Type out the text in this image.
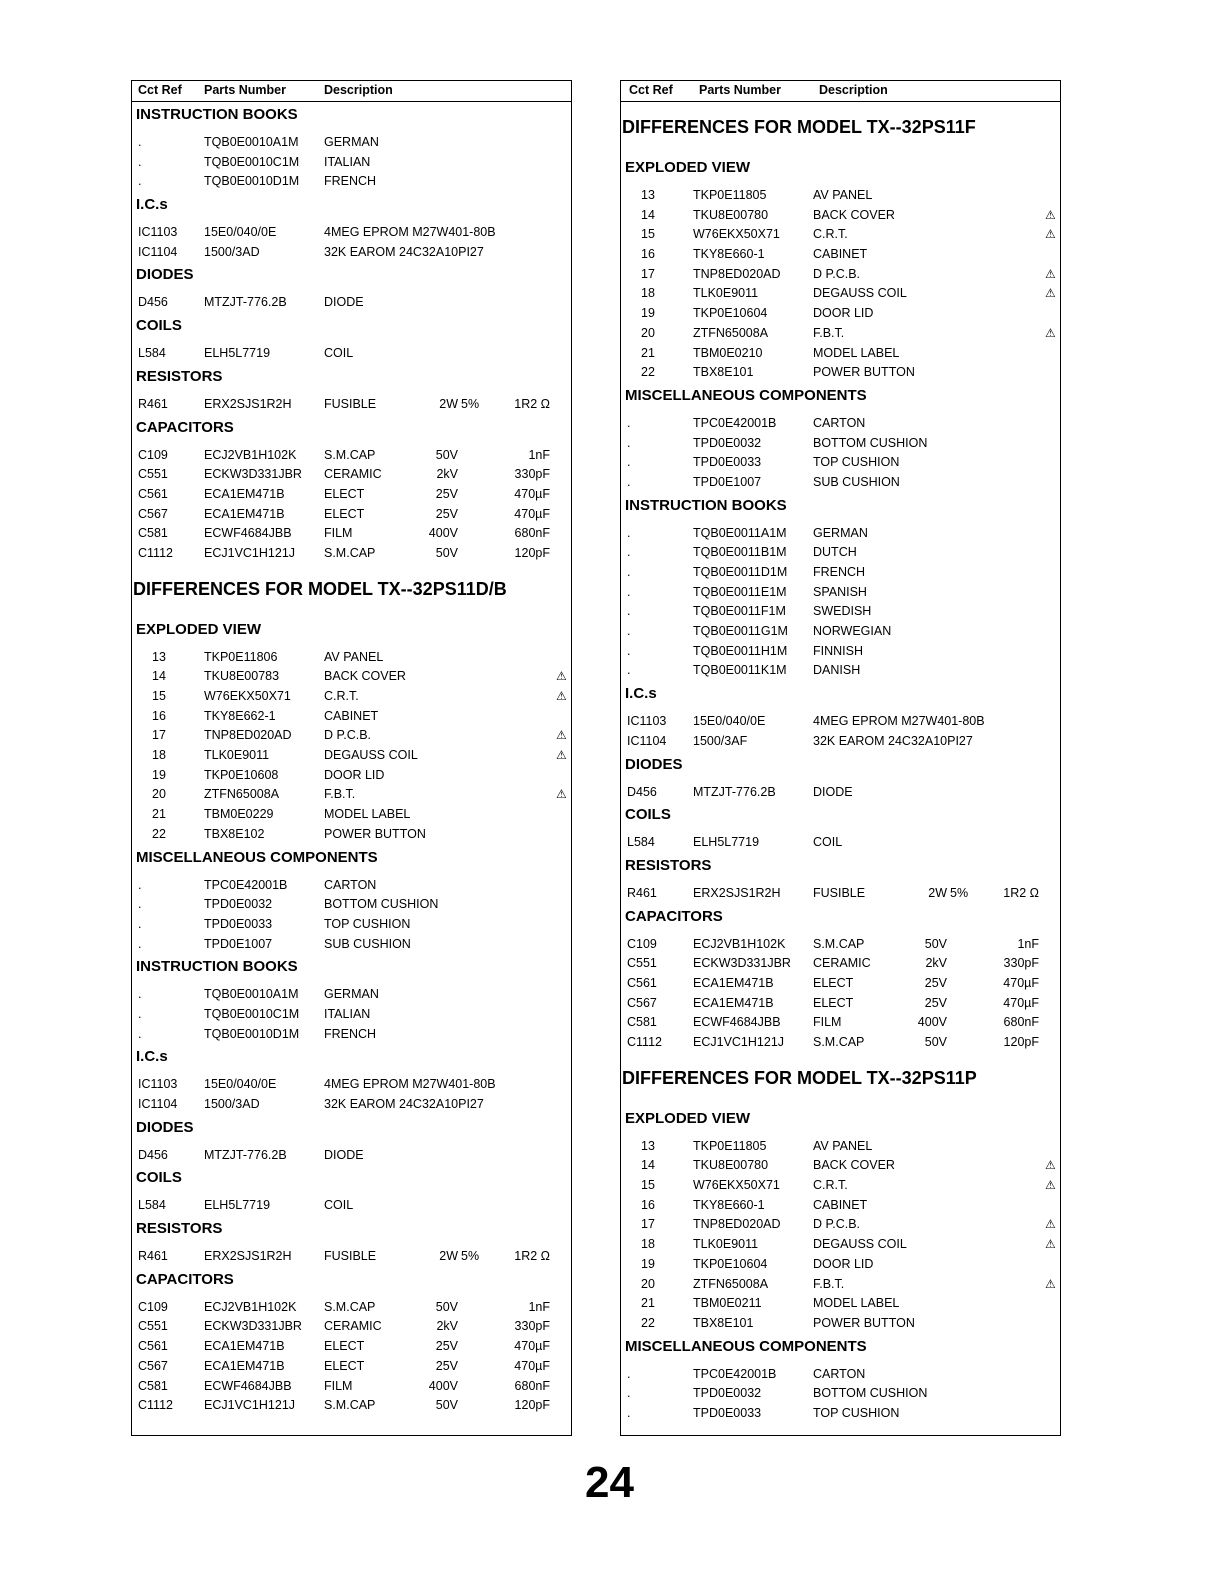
Cct Ref Parts Number	Description
INSTRUCTION BOOKS
.	TQB0E0010A1M GERMAN
.	TQB0E0010C1M ITALIAN
.	TQB0E0010D1M FRENCH
I.C.s
IC1103 15E0/040/0E	4MEG EPROM M27W401-80B
IC1104 1500/3AD	32K EAROM 24C32A10PI27
DIODES
D456	MTZJT-776.2B	DIODE
COILS
L584	ELH5L7719	COIL
RESISTORS
R461	ERX2SJS1R2H	FUSIBLE	2W 5%	1R2 Ω
CAPACITORS
C109	ECJ2VB1H102K S.M.CAP	50V	1nF
C551	ECKW3D331JBR CERAMIC	2kV	330pF
C561	ECA1EM471B	ELECT	25V	470µF
C567	ECA1EM471B	ELECT	25V	470µF
C581	ECWF4684JBB	FILM	400V	680nF
C1112 ECJ1VC1H121J S.M.CAP	50V	120pF
DIFFERENCES FOR MODEL TX--32PS11D/B
EXPLODED VIEW
13	TKP0E11806	AV PANEL
14	TKU8E00783	BACK COVER	⚠
15	W76EKX50X71	C.R.T.	⚠
16	TKY8E662-1	CABINET
17	TNP8ED020AD	D P.C.B.	⚠
18	TLK0E9011	DEGAUSS COIL	⚠
19	TKP0E10608	DOOR LID
20	ZTFN65008A	F.B.T.	⚠
21	TBM0E0229	MODEL LABEL
22	TBX8E102	POWER BUTTON
MISCELLANEOUS COMPONENTS
.	TPC0E42001B	CARTON
.	TPD0E0032	BOTTOM CUSHION
.	TPD0E0033	TOP CUSHION
.	TPD0E1007	SUB CUSHION
INSTRUCTION BOOKS
.	TQB0E0010A1M GERMAN
.	TQB0E0010C1M ITALIAN
.	TQB0E0010D1M FRENCH
I.C.s
IC1103 15E0/040/0E	4MEG EPROM M27W401-80B
IC1104 1500/3AD	32K EAROM 24C32A10PI27
DIODES
D456	MTZJT-776.2B	DIODE
COILS
L584	ELH5L7719	COIL
RESISTORS
R461	ERX2SJS1R2H	FUSIBLE	2W 5%	1R2 Ω
CAPACITORS
C109	ECJ2VB1H102K S.M.CAP	50V	1nF
C551	ECKW3D331JBR CERAMIC	2kV	330pF
C561	ECA1EM471B	ELECT	25V	470µF
C567	ECA1EM471B	ELECT	25V	470µF
C581	ECWF4684JBB	FILM	400V	680nF
C1112 ECJ1VC1H121J S.M.CAP	50V	120pF
Cct Ref Parts Number	Description
DIFFERENCES FOR MODEL TX--32PS11F
EXPLODED VIEW
13	TKP0E11805	AV PANEL
14	TKU8E00780	BACK COVER	⚠
15	W76EKX50X71	C.R.T.	⚠
16	TKY8E660-1	CABINET
17	TNP8ED020AD	D P.C.B.	⚠
18	TLK0E9011	DEGAUSS COIL	⚠
19	TKP0E10604	DOOR LID
20	ZTFN65008A	F.B.T.	⚠
21	TBM0E0210	MODEL LABEL
22	TBX8E101	POWER BUTTON
MISCELLANEOUS COMPONENTS
.	TPC0E42001B	CARTON
.	TPD0E0032	BOTTOM CUSHION
.	TPD0E0033	TOP CUSHION
.	TPD0E1007	SUB CUSHION
INSTRUCTION BOOKS
.	TQB0E0011A1M GERMAN
.	TQB0E0011B1M DUTCH
.	TQB0E0011D1M FRENCH
.	TQB0E0011E1M SPANISH
.	TQB0E0011F1M SWEDISH
.	TQB0E0011G1M NORWEGIAN
.	TQB0E0011H1M FINNISH
.	TQB0E0011K1M DANISH
I.C.s
IC1103 15E0/040/0E	4MEG EPROM M27W401-80B
IC1104 1500/3AF	32K EAROM 24C32A10PI27
DIODES
D456	MTZJT-776.2B	DIODE
COILS
L584	ELH5L7719	COIL
RESISTORS
R461	ERX2SJS1R2H	FUSIBLE	2W 5%	1R2 Ω
CAPACITORS
C109	ECJ2VB1H102K S.M.CAP	50V	1nF
C551	ECKW3D331JBR CERAMIC	2kV	330pF
C561	ECA1EM471B	ELECT	25V	470µF
C567	ECA1EM471B	ELECT	25V	470µF
C581	ECWF4684JBB	FILM	400V	680nF
C1112 ECJ1VC1H121J S.M.CAP	50V	120pF
DIFFERENCES FOR MODEL TX--32PS11P
EXPLODED VIEW
13	TKP0E11805	AV PANEL
14	TKU8E00780	BACK COVER	⚠
15	W76EKX50X71	C.R.T.	⚠
16	TKY8E660-1	CABINET
17	TNP8ED020AD	D P.C.B.	⚠
18	TLK0E9011	DEGAUSS COIL	⚠
19	TKP0E10604	DOOR LID
20	ZTFN65008A	F.B.T.	⚠
21	TBM0E0211	MODEL LABEL
22	TBX8E101	POWER BUTTON
MISCELLANEOUS COMPONENTS
.	TPC0E42001B	CARTON
.	TPD0E0032	BOTTOM CUSHION
.	TPD0E0033	TOP CUSHION
24
